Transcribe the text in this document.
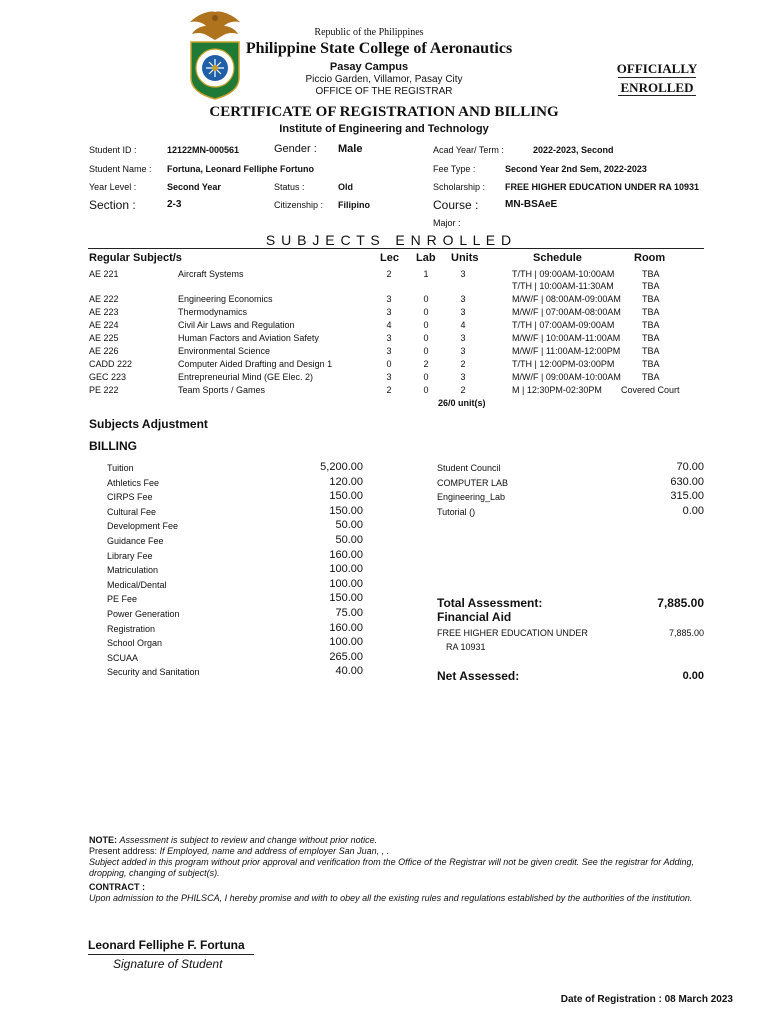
Republic of the Philippines
Philippine State College of Aeronautics
Pasay Campus
Piccio Garden, Villamor, Pasay City
OFFICE OF THE REGISTRAR
OFFICIALLY
ENROLLED
CERTIFICATE OF REGISTRATION AND BILLING
Institute of Engineering and Technology
Student ID :	12122MN-000561	Gender : Male	Acad Year/ Term :	2022-2023, Second
Student Name : Fortuna, Leonard Felliphe Fortuno	Fee Type :	Second Year 2nd Sem, 2022-2023
Year Level :	Second Year	Status :	Old	Scholarship : FREE HIGHER EDUCATION UNDER RA 10931
Section :	2-3	Citizenship : Filipino	Course :	MN-BSAeE
Major :
S U B J E C T S   E N R O L L E D
Regular Subject/s	Lec Lab Units	Schedule	Room
AE 221	Aircraft Systems	2	1	3	T/TH | 09:00AM-10:00AM	TBA
T/TH | 10:00AM-11:30AM	TBA
AE 222	Engineering Economics	3	0	3	M/W/F | 08:00AM-09:00AM TBA
AE 223	Thermodynamics	3	0	3	M/W/F | 07:00AM-08:00AM TBA
AE 224	Civil Air Laws and Regulation	4	0	4	T/TH | 07:00AM-09:00AM	TBA
AE 225	Human Factors and Aviation Safety	3	0	3	M/W/F | 10:00AM-11:00AM TBA
AE 226	Environmental Science	3	0	3	M/W/F | 11:00AM-12:00PM TBA
CADD 222	Computer Aided Drafting and Design 1	0	2	2	T/TH | 12:00PM-03:00PM	TBA
GEC 223	Entrepreneurial Mind (GE Elec. 2)	3	0	3	M/W/F | 09:00AM-10:00AM TBA
PE 222	Team Sports / Games	2	0	2	M | 12:30PM-02:30PM Covered Court
26/0 unit(s)
Subjects Adjustment
BILLING
Tuition	5,200.00
Athletics Fee	120.00
CIRPS Fee	150.00
Cultural Fee	150.00
Development Fee	50.00
Guidance Fee	50.00
Library Fee	160.00
Matriculation	100.00
Medical/Dental	100.00
PE Fee	150.00
Power Generation	75.00
Registration	160.00
School Organ	100.00
SCUAA	265.00
Security and Sanitation	40.00
Student Council	70.00
COMPUTER LAB	630.00
Engineering_Lab	315.00
Tutorial ()	0.00
Total Assessment:	7,885.00
Financial Aid
FREE HIGHER EDUCATION UNDER
RA 10931
7,885.00
Net Assessed:	0.00
NOTE: Assessment is subject to review and change without prior notice.
Present address: If Employed, name and address of employer San Juan, , .
Subject added in this program without prior approval and verification from the Office of the Registrar will not be given credit. See the registrar for Adding, dropping, changing of subject(s).
CONTRACT :
Upon admission to the PHILSCA, I hereby promise and with to obey all the existing rules and regulations established by the authorities of the institution.
Leonard Felliphe F. Fortuna
Signature of Student
Date of Registration : 08 March 2023
